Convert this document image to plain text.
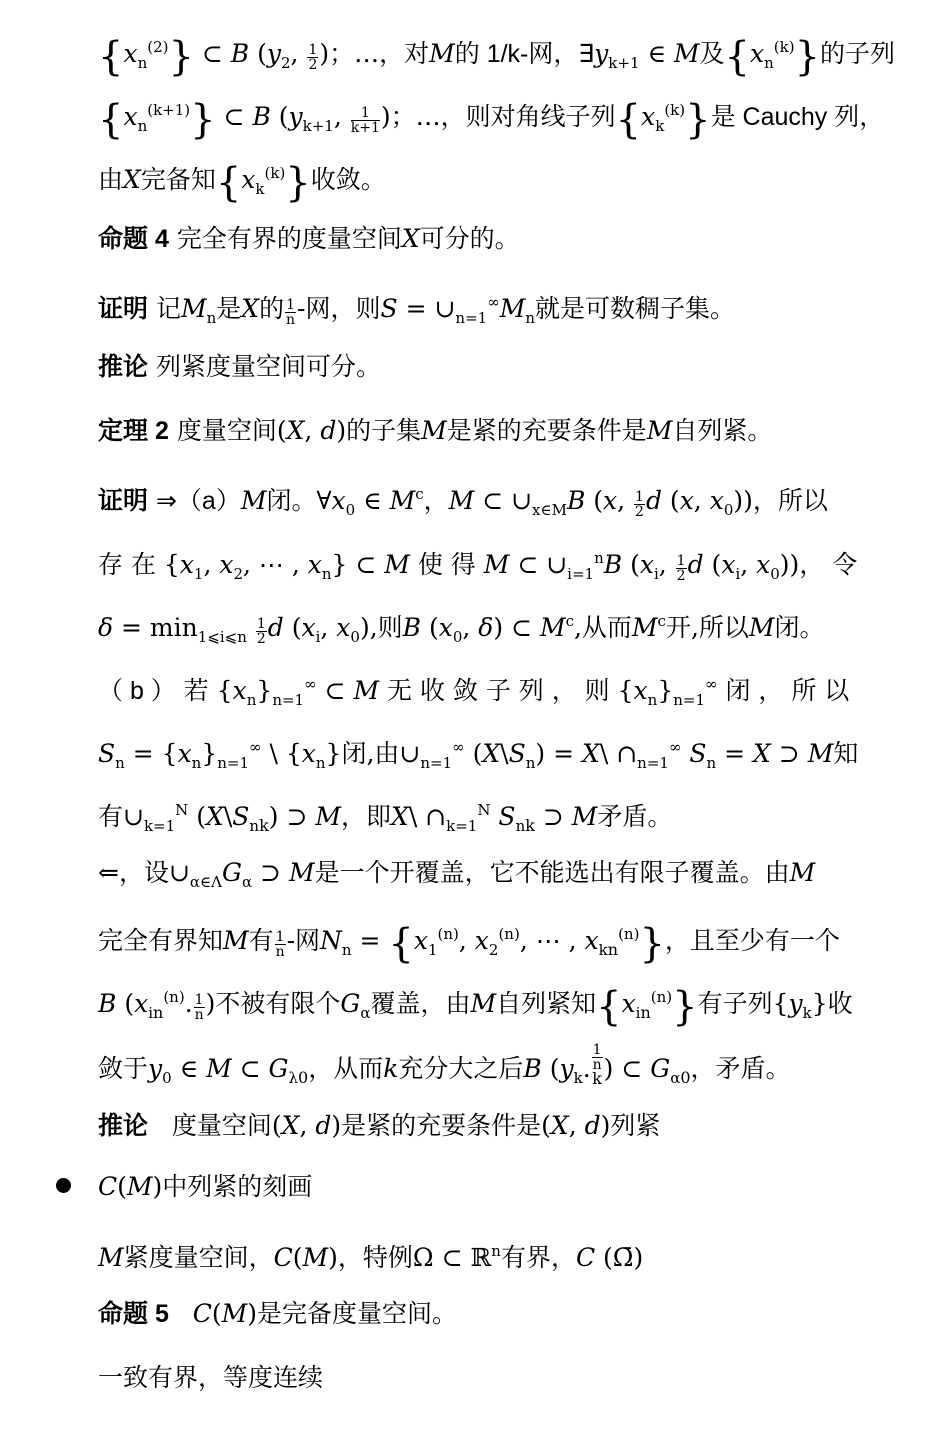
$\{x_n^{(2)}\}$ ⊂ B ($y_2$, $\frac{1}{2}$ )；…，对M的 1/k-网，$\exists y_{k+1}$ ∈ M及$\{x_n^{(k)}\}$的子列
$\{x_n^{(k+1)}\}$ ⊂ B ($y_{k+1}$, $\frac{1}{k+1}$ )；…，则对角线子列$\{x_k^{(k)}\}$是 Cauchy 列，
由X完备知$\{x_k^{(k)}\}$收敛。
命题 4 完全有界的度量空间X可分的。
证明 记$M_n$是X的 $\frac{1}{n}$ -网，则$S = \cup_{n=1}^\infty M_n$就是可数稠子集。
推论 列紧度量空间可分。
定理 2 度量空间(X, d)的子集M是紧的充要条件是M自列紧。
证明 ⇒（a）M闭。$\forall x_0$ ∈ $M^c$，M ⊂ $\cup_{x\in M}B$ (x, $\frac{1}{2}$ d (x, $x_0$))，所以
存 在 {$x_1$, $x_2$, ⋯ , $x_n$} ⊂ M 使 得 M ⊂ $\cup_{i=1}^nB$ ($x_i$, $\frac{1}{2}$ d ($x_i$, $x_0$))， 令
$\delta = \min_{1⩽i⩽n} \frac{1}{2}$ d ($x_i$, $x_0$),则B ($x_0$, δ) ⊂ $M^c$,从而$M^c$开,所以M闭。
（ b ） 若 $\{x_n\}_{n=1}^\infty$ ⊂ M 无 收 敛 子 列 ， 则 $\{x_n\}_{n=1}^\infty$ 闭 ， 所 以
$S_n = \{x_n\}_{n=1}^\infty$ \ $\{x_n\}$闭,由$\cup_{n=1}^\infty$ $(X\backslash S_n)$ = X\ $\cap_{n=1}^\infty$ $S_n = X$ ⊃ M知
有$\cup_{k=1}^N$ $(X\backslash S_{nk})$ ⊃ M，即X\ $\cap_{k=1}^N$ $S_{nk}$ ⊃ M矛盾。
⇐，设$\cup_{\alpha\in\Lambda}G_\alpha$ ⊃ M是一个开覆盖，它不能选出有限子覆盖。由M
完全有界知M有 $\frac{1}{n}$ -网$N_n = \{x_1^{(n)}$, $x_2^{(n)}$, ⋯ , $x_{kn}^{(n)}$}，且至少有一个
B ($x_{in}^{(n)}$. $\frac{1}{n}$ )不被有限个$G_\alpha$覆盖，由M自列紧知$\{x_{in}^{(n)}\}$有子列$\{y_k\}$收
敛于$y_0$ ∈ M ⊂ $G_{\lambda 0}$，从而k充分大之后B ($y_k$. 1
n
k ) ⊂ $G_{\alpha 0}$，矛盾。
推论 度量空间(X, d)是紧的充要条件是(X, d)列紧
C(M)中列紧的刻画
M紧度量空间，C(M)，特例Ω ⊂ ℝ$^n$有界，C (Ω̄)
命题 5 C(M)是完备度量空间。
一致有界，等度连续
